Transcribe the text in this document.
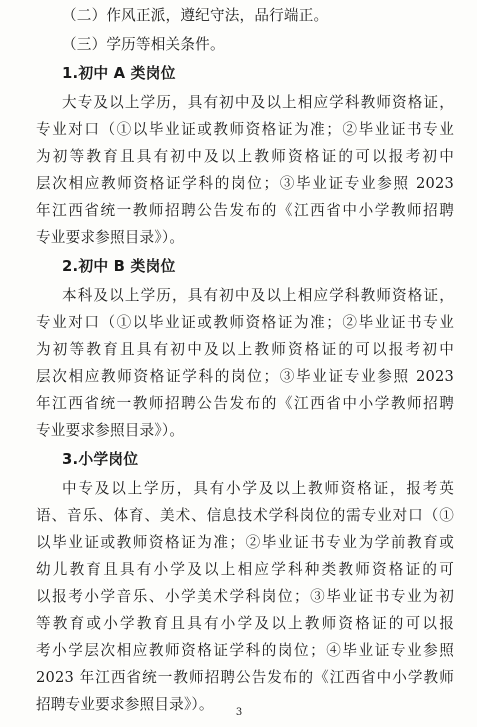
（二）作风正派，遵纪守法，品行端正。
（三）学历等相关条件。
1.初中 A 类岗位
大专及以上学历，具有初中及以上相应学科教师资格证，
专业对口（①以毕业证或教师资格证为准；②毕业证书专业
为初等教育且具有初中及以上教师资格证的可以报考初中
层次相应教师资格证学科的岗位；③毕业证专业参照 2023
年江西省统一教师招聘公告发布的《江西省中小学教师招聘
专业要求参照目录》）。
2.初中 B 类岗位
本科及以上学历，具有初中及以上相应学科教师资格证，
专业对口（①以毕业证或教师资格证为准；②毕业证书专业
为初等教育且具有初中及以上教师资格证的可以报考初中
层次相应教师资格证学科的岗位；③毕业证专业参照 2023
年江西省统一教师招聘公告发布的《江西省中小学教师招聘
专业要求参照目录》）。
3.小学岗位
中专及以上学历，具有小学及以上教师资格证，报考英
语、音乐、体育、美术、信息技术学科岗位的需专业对口（①
以毕业证或教师资格证为准；②毕业证书专业为学前教育或
幼儿教育且具有小学及以上相应学科种类教师资格证的可
以报考小学音乐、小学美术学科岗位；③毕业证书专业为初
等教育或小学教育且具有小学及以上教师资格证的可以报
考小学层次相应教师资格证学科的岗位；④毕业证专业参照
2023 年江西省统一教师招聘公告发布的《江西省中小学教师
招聘专业要求参照目录》）。	3
